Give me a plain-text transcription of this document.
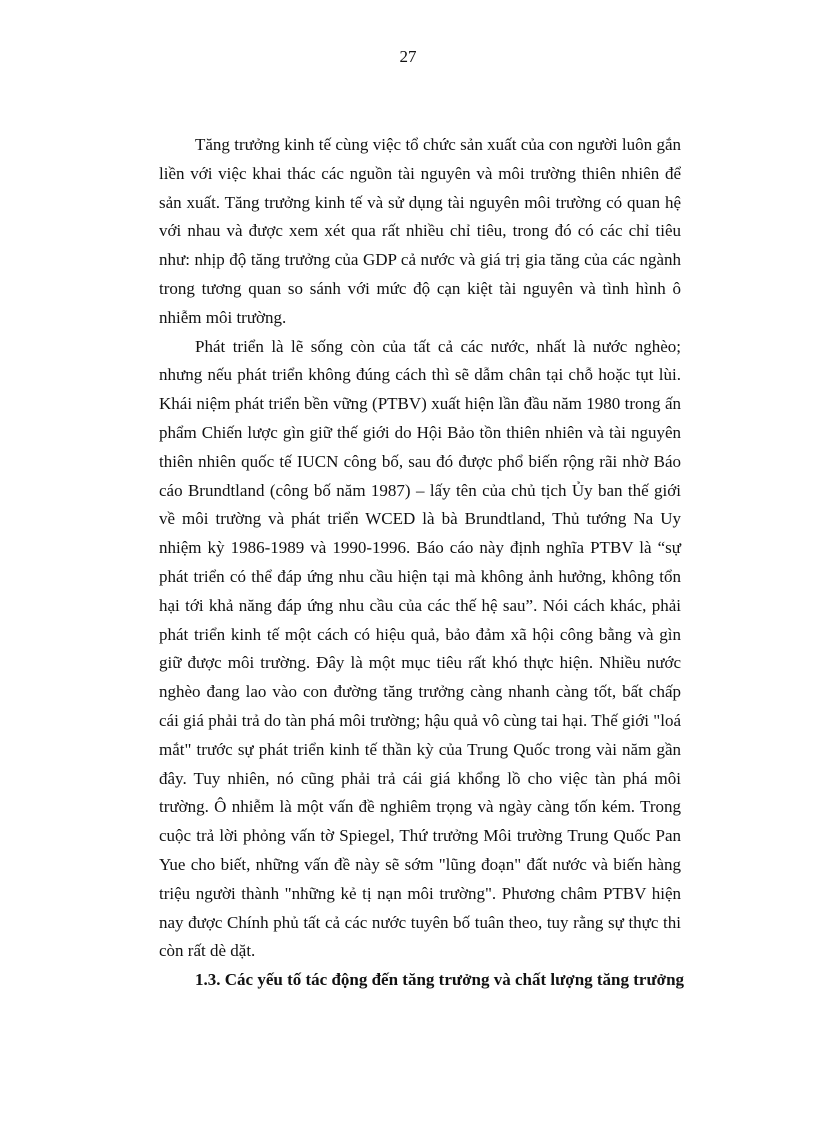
27

Tăng trưởng kinh tế cùng việc tổ chức sản xuất của con người luôn gắn liền với việc khai thác các nguồn tài nguyên và môi trường thiên nhiên để sản xuất. Tăng trưởng kinh tế và sử dụng tài nguyên môi trường có quan hệ với nhau và được xem xét qua rất nhiều chỉ tiêu, trong đó có các chỉ tiêu như: nhịp độ tăng trưởng của GDP cả nước và giá trị gia tăng của các ngành trong tương quan so sánh với mức độ cạn kiệt tài nguyên và tình hình ô nhiễm môi trường.

Phát triển là lẽ sống còn của tất cả các nước, nhất là nước nghèo; nhưng nếu phát triển không đúng cách thì sẽ dẫm chân tại chỗ hoặc tụt lùi. Khái niệm phát triển bền vững (PTBV) xuất hiện lần đầu năm 1980 trong ấn phẩm Chiến lược gìn giữ thế giới do Hội Bảo tồn thiên nhiên và tài nguyên thiên nhiên quốc tế IUCN công bố, sau đó được phổ biến rộng rãi nhờ Báo cáo Brundtland (công bố năm 1987) – lấy tên của chủ tịch Ủy ban thế giới về môi trường và phát triển WCED là bà Brundtland, Thủ tướng Na Uy nhiệm kỳ 1986-1989 và 1990-1996. Báo cáo này định nghĩa PTBV là “sự phát triển có thể đáp ứng nhu cầu hiện tại mà không ảnh hưởng, không tổn hại tới khả năng đáp ứng nhu cầu của các thế hệ sau”. Nói cách khác, phải phát triển kinh tế một cách có hiệu quả, bảo đảm xã hội công bằng và gìn giữ được môi trường. Đây là một mục tiêu rất khó thực hiện. Nhiều nước nghèo đang lao vào con đường tăng trưởng càng nhanh càng tốt, bất chấp cái giá phải trả do tàn phá môi trường; hậu quả vô cùng tai hại. Thế giới "loá mắt" trước sự phát triển kinh tế thần kỳ của Trung Quốc trong vài năm gần đây. Tuy nhiên, nó cũng phải trả cái giá khổng lồ cho việc tàn phá môi trường. Ô nhiễm là một vấn đề nghiêm trọng và ngày càng tốn kém. Trong cuộc trả lời phỏng vấn tờ Spiegel, Thứ trưởng Môi trường Trung Quốc Pan Yue cho biết, những vấn đề này sẽ sớm "lũng đoạn" đất nước và biến hàng triệu người thành "những kẻ tị nạn môi trường". Phương châm PTBV hiện nay được Chính phủ tất cả các nước tuyên bố tuân theo, tuy rằng sự thực thi còn rất dè dặt.

1.3. Các yếu tố tác động đến tăng trưởng và chất lượng tăng trưởng
